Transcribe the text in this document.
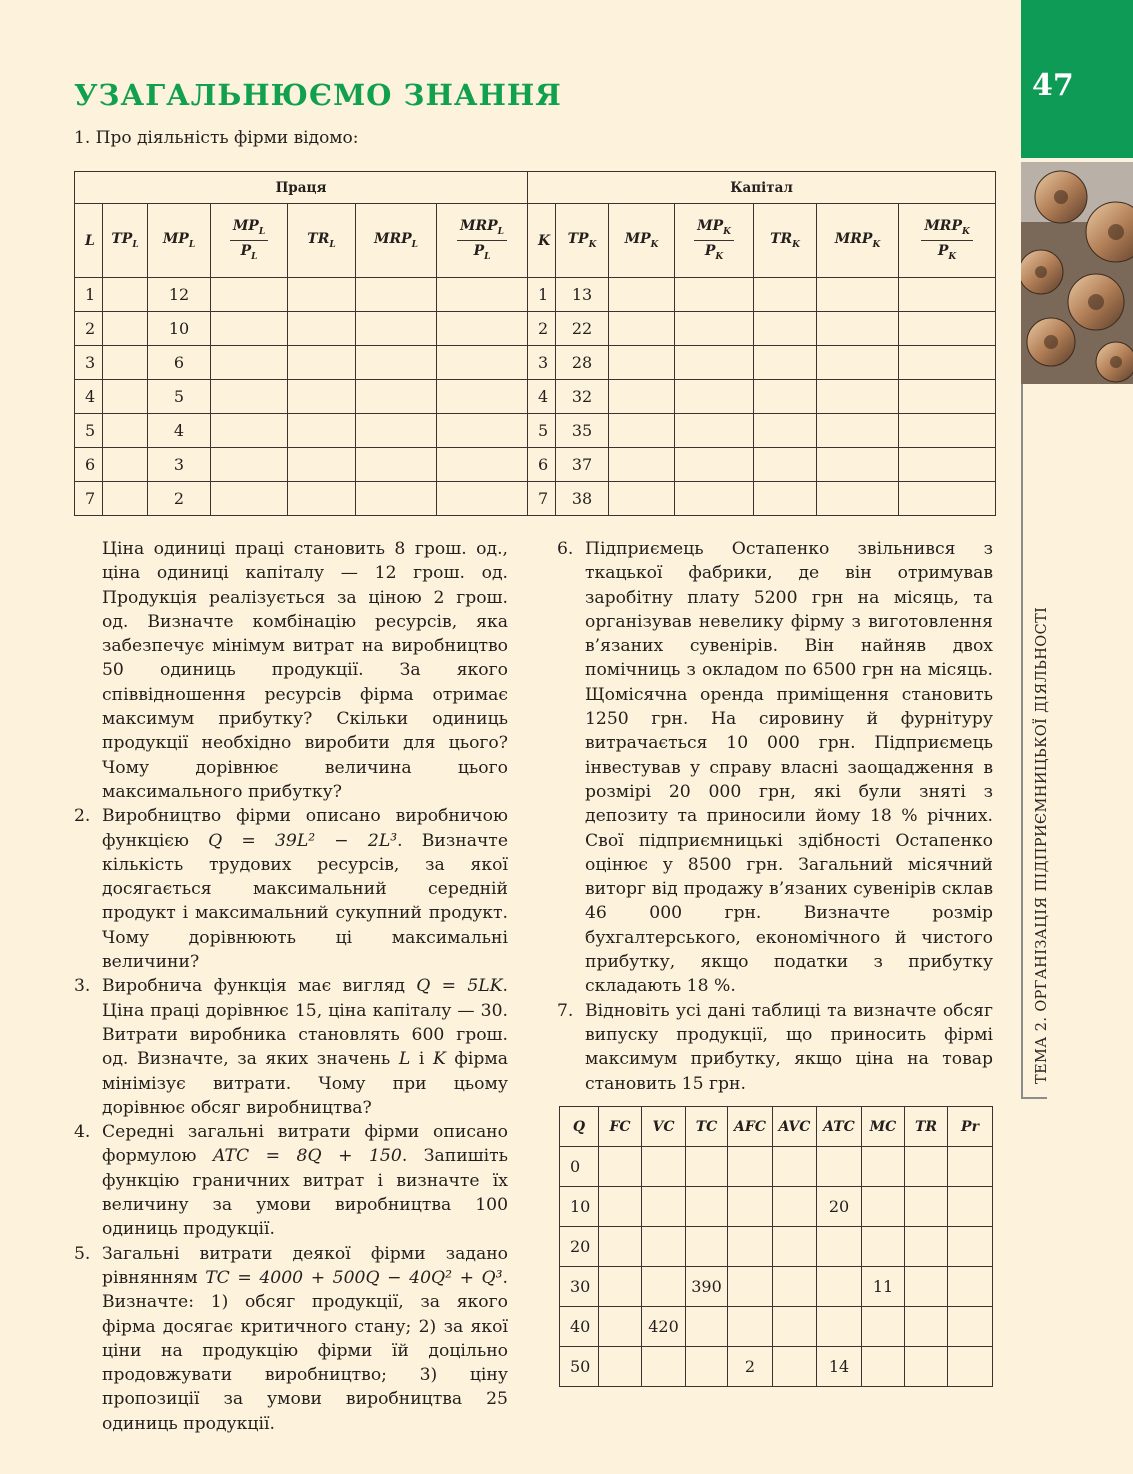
47
ТЕМА 2. ОРГАНІЗАЦІЯ ПІДПРИЄМНИЦЬКОЇ ДІЯЛЬНОСТІ
УЗАГАЛЬНЮЄМО ЗНАННЯ
1. Про діяльність фірми відомо:
Праця							Капітал						
L	$TP_L$	$MP_L$	$\frac{MP_L}{P_L}$	$TR_L$	$MRP_L$	$\frac{MRP_L}{P_L}$	K	$TP_K$	$MP_K$	$\frac{MP_K}{P_K}$	$TR_K$	$MRP_K$	$\frac{MRP_K}{P_K}$

1		12					1	13					
2		10					2	22					
3		6					3	28					
4		5					4	32					
5		4					5	35					
6		3					6	37					
7		2					7	38					

Ціна одиниці праці становить 8 грош. од., ціна одиниці капіталу — 12 грош. од. Продукція реалізується за ціною 2 грош. од. Визначте комбінацію ресурсів, яка забезпечує мінімум витрат на виробництво 50 одиниць продукції. За якого співвідношення ресурсів фірма отримає максимум прибутку? Скільки одиниць продукції необхідно виробити для цього? Чому дорівнює величина цього максимального прибутку?

2. Виробництво фірми описано виробничою функцією Q = 39L² − 2L³. Визначте кількість трудових ресурсів, за якої досягається максимальний середній продукт і максимальний сукупний продукт. Чому дорівнюють ці максимальні величини?

3. Виробнича функція має вигляд Q = 5LK. Ціна праці дорівнює 15, ціна капіталу — 30. Витрати виробника становлять 600 грош. од. Визначте, за яких значень L і K фірма мінімізує витрати. Чому при цьому дорівнює обсяг виробництва?

4. Середні загальні витрати фірми описано формулою ATC = 8Q + 150. Запишіть функцію граничних витрат і визначте їх величину за умови виробництва 100 одиниць продукції.

5. Загальні витрати деякої фірми задано рівнянням TC = 4000 + 500Q − 40Q² + Q³. Визначте: 1) обсяг продукції, за якого фірма досягає критичного стану; 2) за якої ціни на продукцію фірми їй доцільно продовжувати виробництво; 3) ціну пропозиції за умови виробництва 25 одиниць продукції.

6. Підприємець Остапенко звільнився з ткацької фабрики, де він отримував заробітну плату 5200 грн на місяць, та організував невелику фірму з виготовлення в’язаних сувенірів. Він найняв двох помічниць з окладом по 6500 грн на місяць. Щомісячна оренда приміщення становить 1250 грн. На сировину й фурнітуру витрачається 10 000 грн. Підприємець інвестував у справу власні заощадження в розмірі 20 000 грн, які були зняті з депозиту та приносили йому 18 % річних. Свої підприємницькі здібності Остапенко оцінює у 8500 грн. Загальний місячний виторг від продажу в’язаних сувенірів склав 46 000 грн. Визначте розмір бухгалтерського, економічного й чистого прибутку, якщо податки з прибутку складають 18 %.

7. Відновіть усі дані таблиці та визначте обсяг випуску продукції, що приносить фірмі максимум прибутку, якщо ціна на товар становить 15 грн.

Q	FC	VC	TC	AFC	AVC	ATC	MC	TR	Pr
0									
10						20			
20									
30			390				11		
40		420							
50				2		14			
